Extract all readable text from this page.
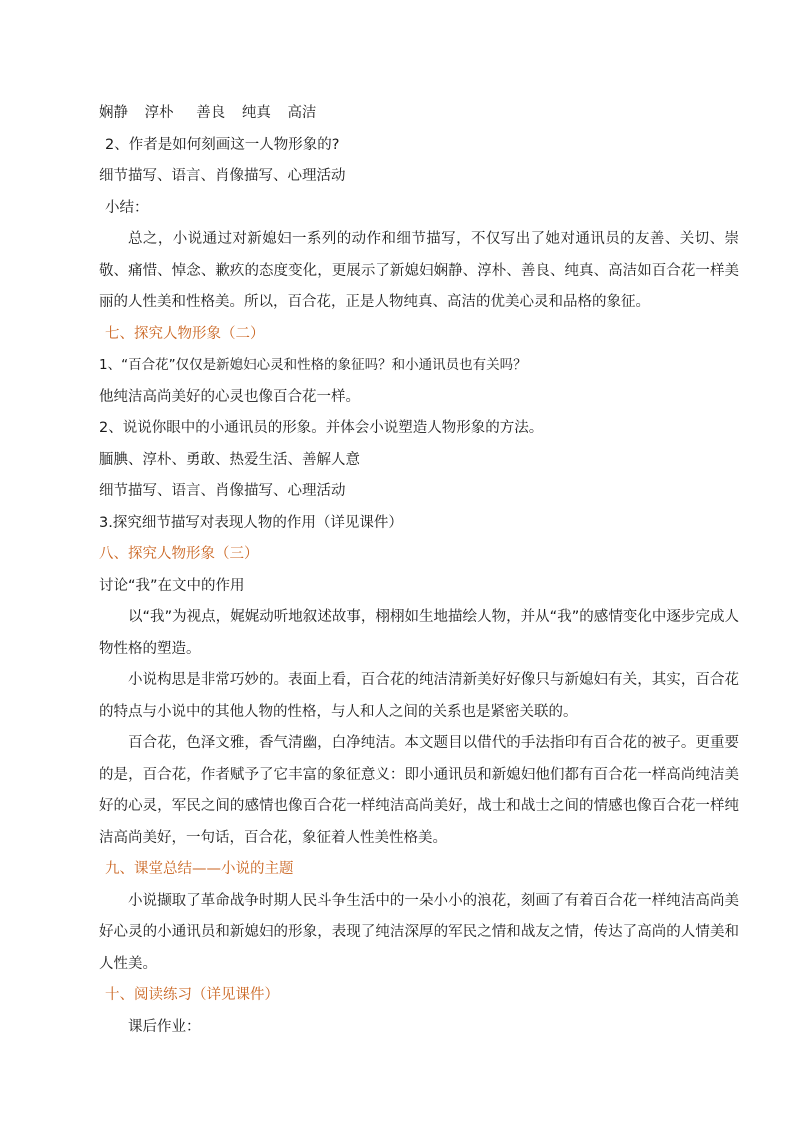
娴静 淳朴 善良 纯真 高洁
2、作者是如何刻画这一人物形象的?
细节描写、语言、肖像描写、心理活动
小结：

总之，小说通过对新媳妇一系列的动作和细节描写，不仅写出了她对通讯员的友善、关切、崇敬、痛惜、悼念、歉疚的态度变化，更展示了新媳妇娴静、淳朴、善良、纯真、高洁如百合花一样美丽的人性美和性格美。所以，百合花，正是人物纯真、高洁的优美心灵和品格的象征。

七、探究人物形象（二）
1、“百合花”仅仅是新媳妇心灵和性格的象征吗？和小通讯员也有关吗？
他纯洁高尚美好的心灵也像百合花一样。
2、说说你眼中的小通讯员的形象。并体会小说塑造人物形象的方法。
腼腆、淳朴、勇敢、热爱生活、善解人意
细节描写、语言、肖像描写、心理活动
3.探究细节描写对表现人物的作用（详见课件）
八、探究人物形象（三）
讨论“我”在文中的作用

以“我”为视点，娓娓动听地叙述故事，栩栩如生地描绘人物，并从“我”的感情变化中逐步完成人物性格的塑造。

小说构思是非常巧妙的。表面上看，百合花的纯洁清新美好好像只与新媳妇有关，其实，百合花的特点与小说中的其他人物的性格，与人和人之间的关系也是紧密关联的。

百合花，色泽文雅，香气清幽，白净纯洁。本文题目以借代的手法指印有百合花的被子。更重要的是，百合花，作者赋予了它丰富的象征意义：即小通讯员和新媳妇他们都有百合花一样高尚纯洁美好的心灵，军民之间的感情也像百合花一样纯洁高尚美好，战士和战士之间的情感也像百合花一样纯洁高尚美好，一句话，百合花，象征着人性美性格美。

九、课堂总结——小说的主题

小说撷取了革命战争时期人民斗争生活中的一朵小小的浪花，刻画了有着百合花一样纯洁高尚美好心灵的小通讯员和新媳妇的形象，表现了纯洁深厚的军民之情和战友之情，传达了高尚的人情美和人性美。

十、阅读练习（详见课件）
课后作业：
